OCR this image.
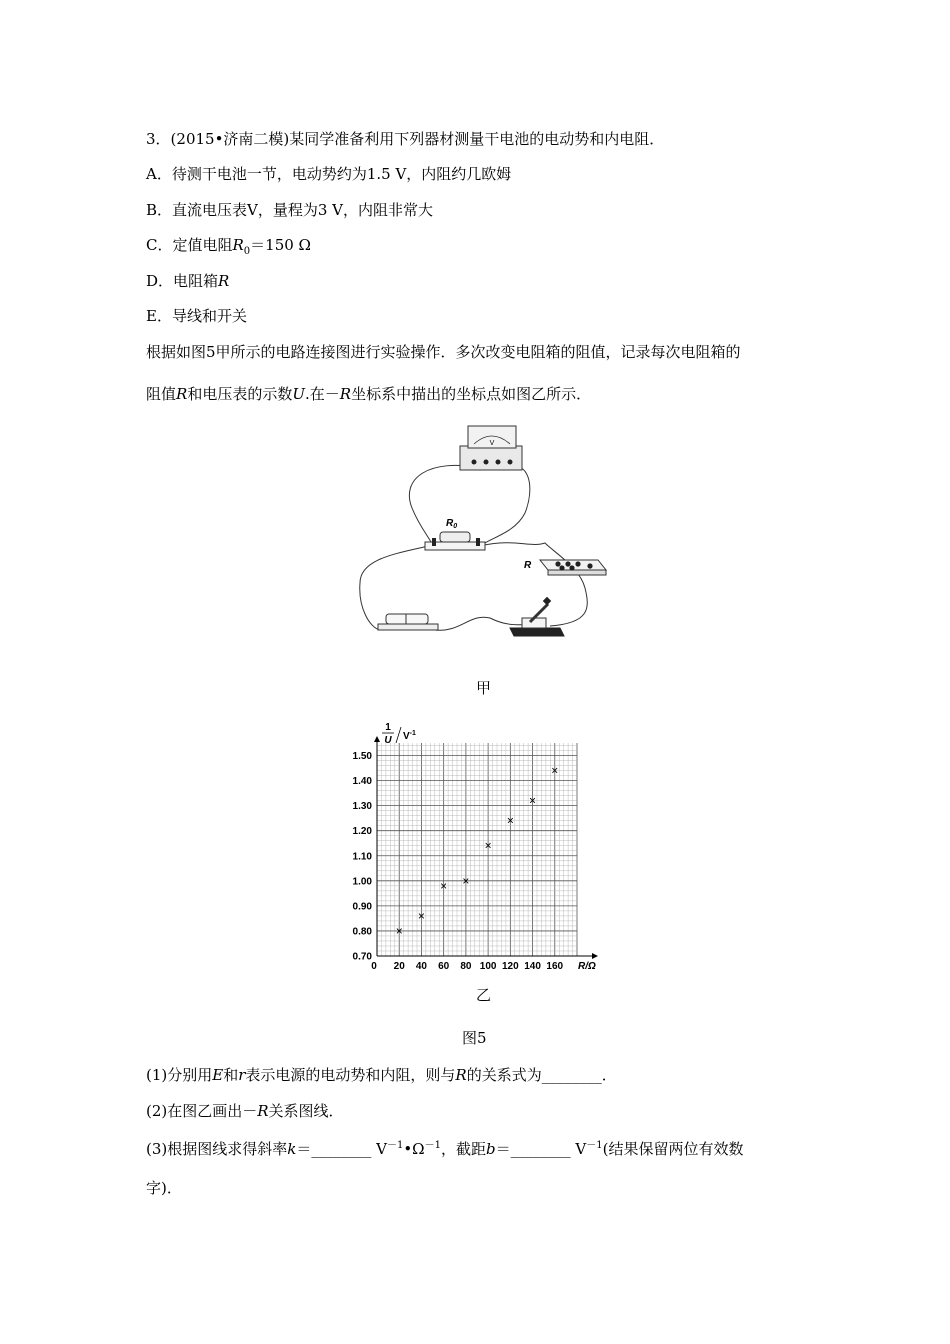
3．(2015•济南二模)某同学准备利用下列器材测量干电池的电动势和内电阻．
A．待测干电池一节，电动势约为1.5 V，内阻约几欧姆
B．直流电压表V，量程为3 V，内阻非常大
C．定值电阻$R_0=150$ Ω
D．电阻箱R
E．导线和开关
根据如图5甲所示的电路连接图进行实验操作．多次改变电阻箱的阻值，记录每次电阻箱的
阻值R和电压表的示数U.在－R坐标系中描出的坐标点如图乙所示．
V
$R_0$
R
甲
1
U $V^{-1}$
R/Ω
0 20 40 60 80 100 120 140 160
0.70
0.80
0.90
1.00
1.10
1.20
1.30
1.40
1.50
×
×
× ×
×
×
×
×
乙
图5
(1)分别用E和r表示电源的电动势和内阻，则与R的关系式为________．
(2)在图乙画出－R关系图线．
(3)根据图线求得斜率k＝________ $V^{-1}•\Omega^{-1}$，截距b＝________ $V^{-1}$(结果保留两位有效数
字)．
